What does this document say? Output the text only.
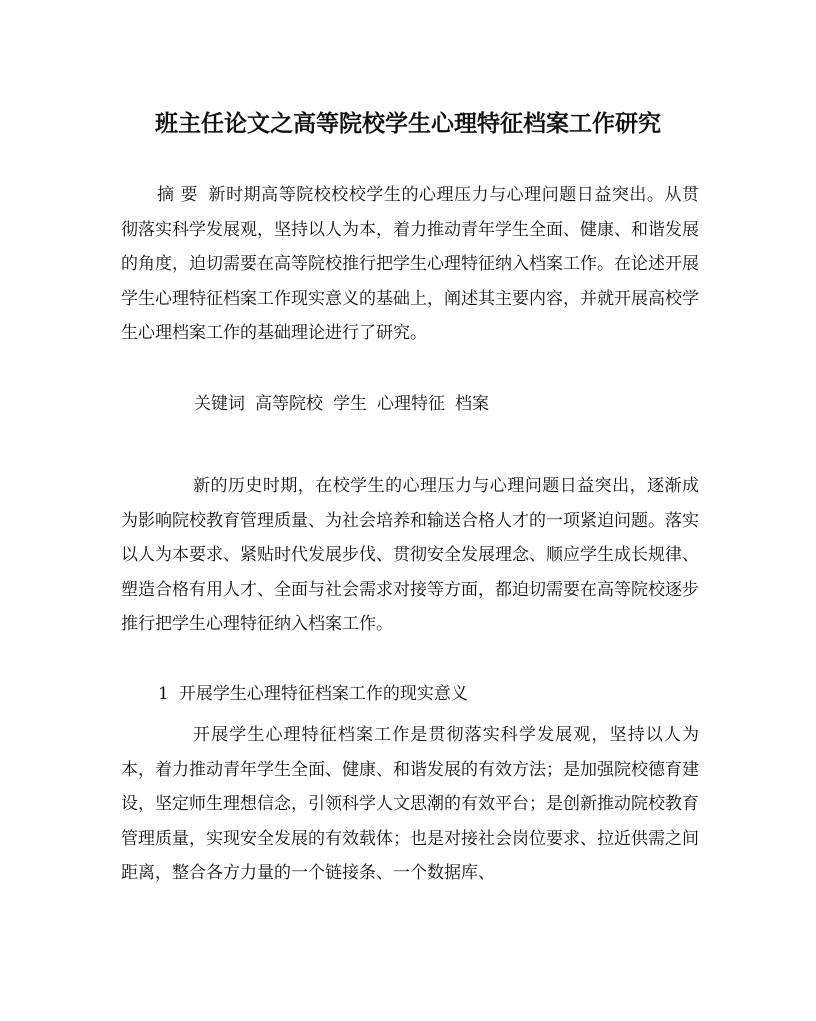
班主任论文之高等院校学生心理特征档案工作研究

摘 要 新时期高等院校校校学生的心理压力与心理问题日益突出。从贯彻落实科学发展观，坚持以人为本，着力推动青年学生全面、健康、和谐发展的角度，迫切需要在高等院校推行把学生心理特征纳入档案工作。在论述开展学生心理特征档案工作现实意义的基础上，阐述其主要内容，并就开展高校学生心理档案工作的基础理论进行了研究。

关键词 高等院校 学生 心理特征 档案

新的历史时期，在校学生的心理压力与心理问题日益突出，逐渐成为影响院校教育管理质量、为社会培养和输送合格人才的一项紧迫问题。落实以人为本要求、紧贴时代发展步伐、贯彻安全发展理念、顺应学生成长规律、塑造合格有用人才、全面与社会需求对接等方面，都迫切需要在高等院校逐步推行把学生心理特征纳入档案工作。

1 开展学生心理特征档案工作的现实意义

开展学生心理特征档案工作是贯彻落实科学发展观，坚持以人为本，着力推动青年学生全面、健康、和谐发展的有效方法；是加强院校德育建设，坚定师生理想信念，引领科学人文思潮的有效平台；是创新推动院校教育管理质量，实现安全发展的有效载体；也是对接社会岗位要求、拉近供需之间距离，整合各方力量的一个链接条、一个数据库、
